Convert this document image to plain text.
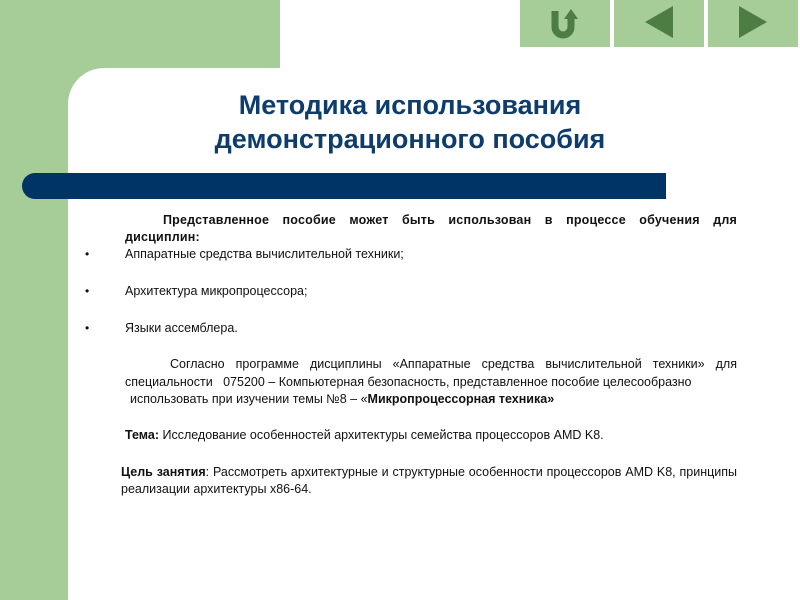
Методика использования
демонстрационного пособия

Представленное пособие может быть использован в процессе обучения для дисциплин:

•	Аппаратные средства вычислительной техники;

•	Архитектура микропроцессора;

•	Языки ассемблера.

Согласно программе дисциплины «Аппаратные средства вычислительной техники» для

специальности   075200 – Компьютерная безопасность, представленное пособие целесообразно

использовать при изучении темы №8 – «Микропроцессорная техника»

Тема: Исследование особенностей архитектуры семейства процессоров AMD K8.

Цель занятия: Рассмотреть архитектурные и структурные особенности процессоров AMD K8, принципы реализации архитектуры x86-64.
